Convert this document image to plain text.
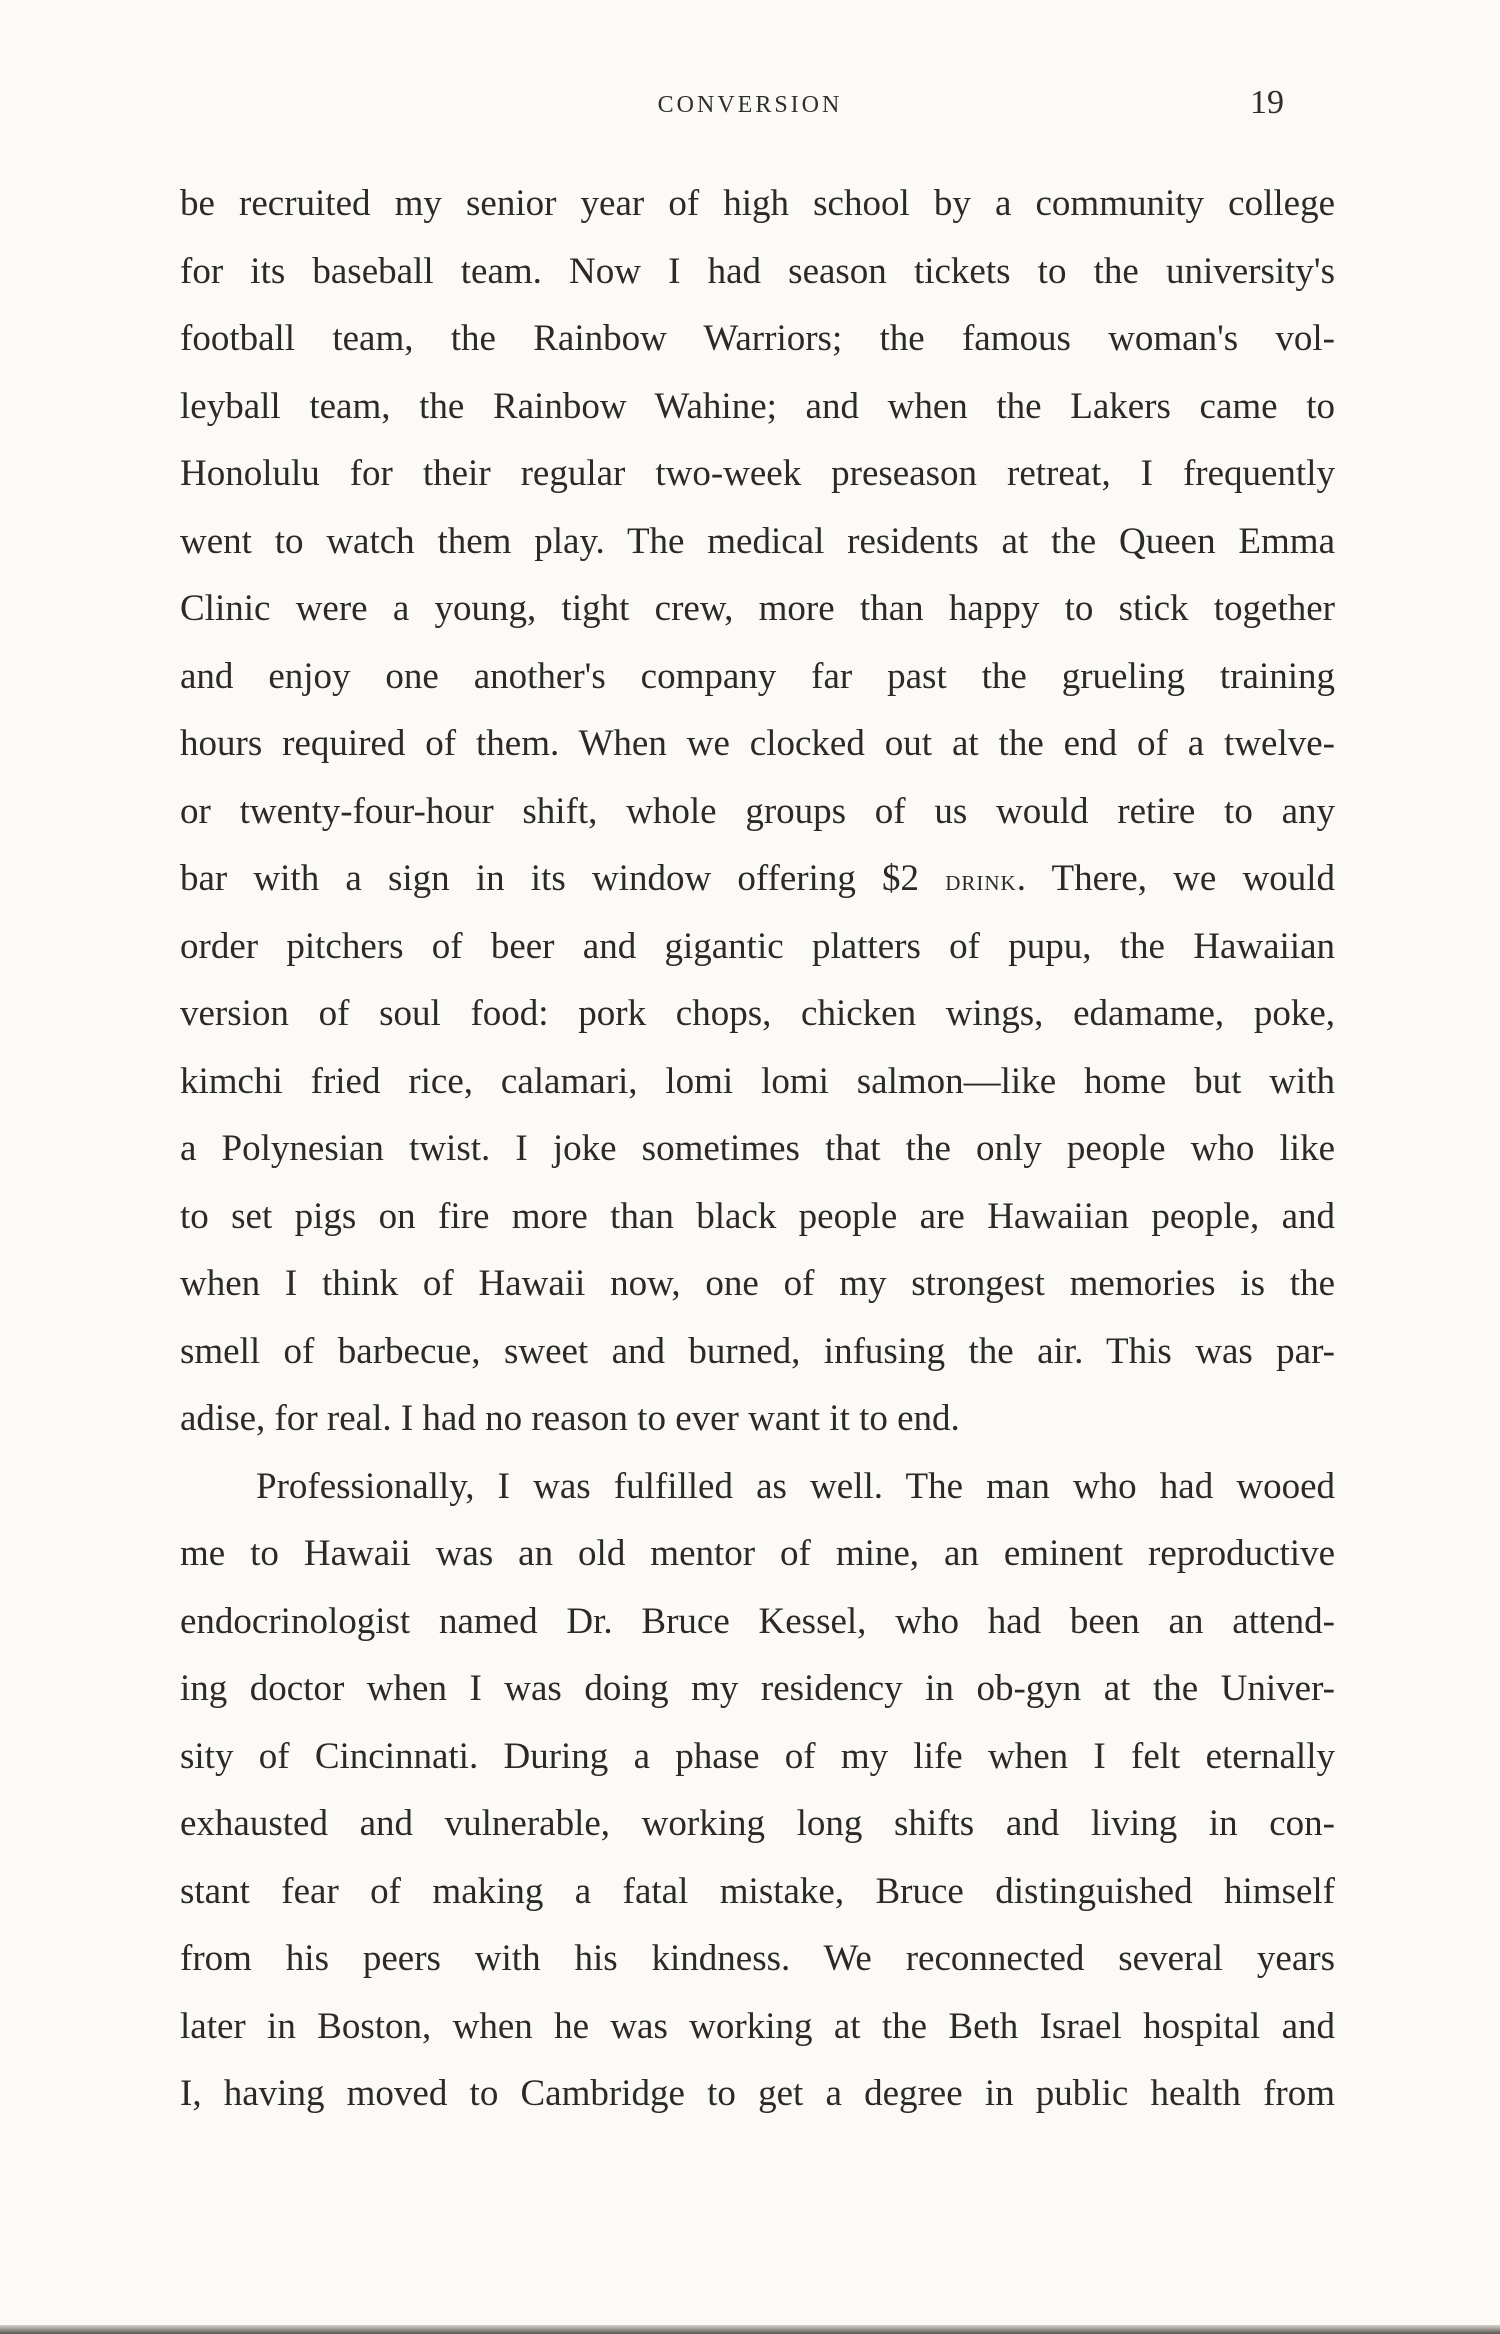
CONVERSION	19
be recruited my senior year of high school by a community college
for its baseball team. Now I had season tickets to the university's
football team, the Rainbow Warriors; the famous woman's vol-
leyball team, the Rainbow Wahine; and when the Lakers came to
Honolulu for their regular two-week preseason retreat, I frequently
went to watch them play. The medical residents at the Queen Emma
Clinic were a young, tight crew, more than happy to stick together
and enjoy one another's company far past the grueling training
hours required of them. When we clocked out at the end of a twelve-
or twenty-four-hour shift, whole groups of us would retire to any
bar with a sign in its window offering $2 drink. There, we would
order pitchers of beer and gigantic platters of pupu, the Hawaiian
version of soul food: pork chops, chicken wings, edamame, poke,
kimchi fried rice, calamari, lomi lomi salmon—like home but with
a Polynesian twist. I joke sometimes that the only people who like
to set pigs on fire more than black people are Hawaiian people, and
when I think of Hawaii now, one of my strongest memories is the
smell of barbecue, sweet and burned, infusing the air. This was par-
adise, for real. I had no reason to ever want it to end.
Professionally, I was fulfilled as well. The man who had wooed
me to Hawaii was an old mentor of mine, an eminent reproductive
endocrinologist named Dr. Bruce Kessel, who had been an attend-
ing doctor when I was doing my residency in ob-gyn at the Univer-
sity of Cincinnati. During a phase of my life when I felt eternally
exhausted and vulnerable, working long shifts and living in con-
stant fear of making a fatal mistake, Bruce distinguished himself
from his peers with his kindness. We reconnected several years
later in Boston, when he was working at the Beth Israel hospital and
I, having moved to Cambridge to get a degree in public health from
